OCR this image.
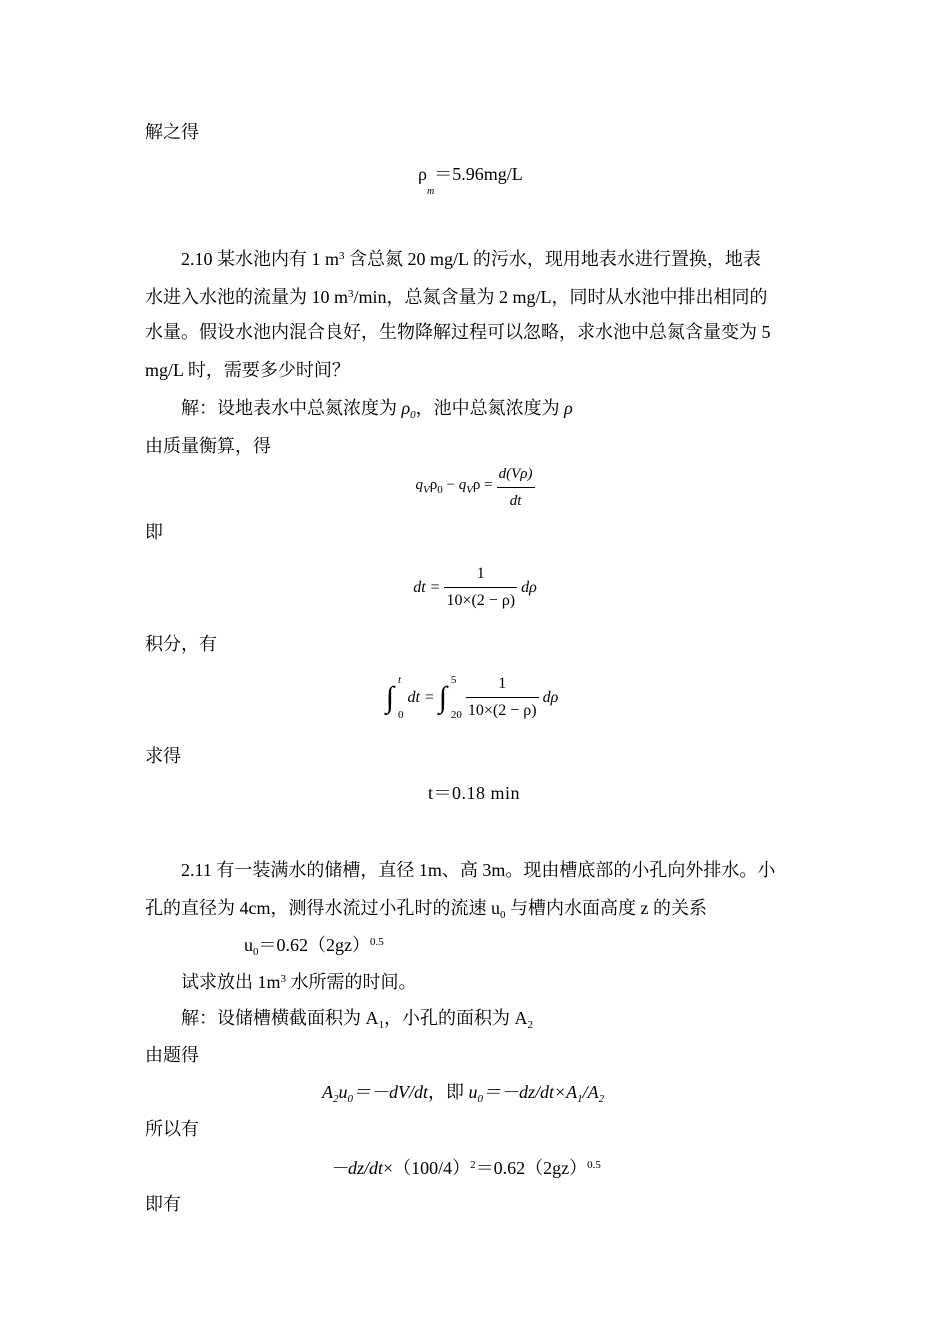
解之得
$\rho_m=5.96mg/L$
2.10 某水池内有 1 $m^3$ 含总氮 20 mg/L 的污水，现用地表水进行置换，地表
水进入水池的流量为 10 $m^3/\min$，总氮含量为 2 mg/L，同时从水池中排出相同的
水量。假设水池内混合良好，生物降解过程可以忽略，求水池中总氮含量变为 5
mg/L 时，需要多少时间？
解：设地表水中总氮浓度为 $\rho_0$，池中总氮浓度为 ρ
由质量衡算，得
$q_V\rho_0 - q_V\rho = \frac{d(V\rho)}{dt}$
即
dt = $\frac{1}{10\times(2 - \rho)}$ dρ
积分，有
∫
t
0
dt = ∫
5
$20 \frac{1}{10\times(2 - \rho)}$ dρ
求得
t＝0.18 min
2.11 有一装满水的储槽，直径 1m、高 3m。现由槽底部的小孔向外排水。小
孔的直径为 4cm，测得水流过小孔时的流速 $u_0$ 与槽内水面高度 z 的关系
$u_0=0.62(2gz)^{0.5}$
试求放出 $1m^3$ 水所需的时间。
解：设储槽横截面积为 $A_1$，小孔的面积为 $A_2$
由题得
$A_2u_0=-dV/dt$，即 $u_0=-dz/dt\times A_1/A_2$
所以有
$-dz/dt\times(100/4)^2=0.62(2gz)^{0.5}$
即有
